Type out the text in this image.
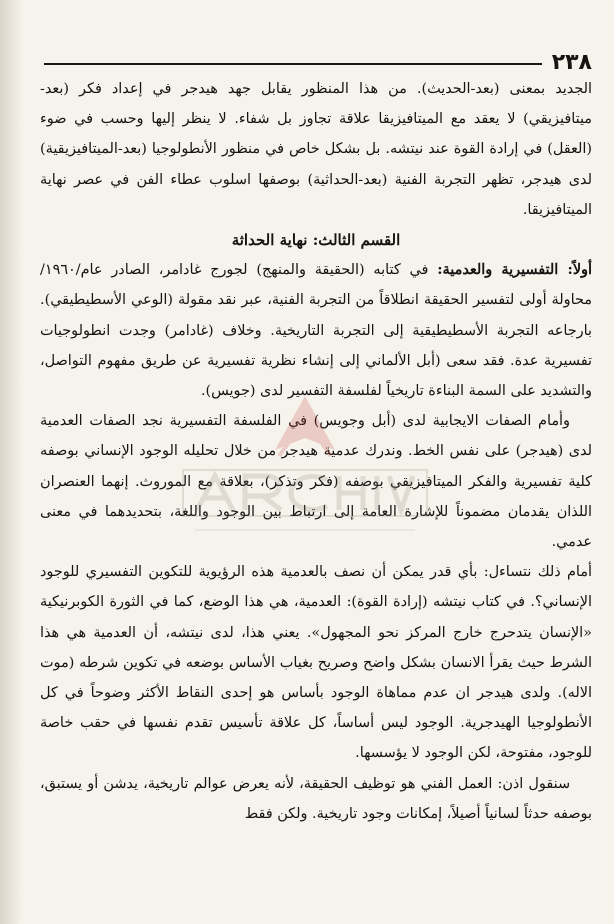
٢٣٨

الجديد بمعنى (بعد-الحديث). من هذا المنظور يقابل جهد هيدجر في إعداد فكر (بعد-ميتافيزيقي) لا يعقد مع الميتافيزيقا علاقة تجاوز بل شفاء. لا ينظر إليها وحسب في ضوء (العقل) في إرادة القوة عند نيتشه. بل بشكل خاص في منظور الأنطولوجيا (بعد-الميتافيزيقية) لدى هيدجر، تظهر التجربة الفنية (بعد-الحداثية) بوصفها اسلوب عطاء الفن في عصر نهاية الميتافيزيقا.

القسم الثالث: نهاية الحداثة

أولاً: التفسيرية والعدمية: في كتابه (الحقيقة والمنهج) لجورج غادامر، الصادر عام/١٩٦٠/ محاولة أولى لتفسير الحقيقة انطلاقاً من التجربة الفنية، عبر نقد مقولة (الوعي الأسطيطيقي). بارجاعه التجربة الأسطيطيقية إلى التجربة التاريخية. وخلاف (غادامر) وجدت انطولوجيات تفسيرية عدة. فقد سعى (أبل الألماني إلى إنشاء نظرية تفسيرية عن طريق مفهوم التواصل، والتشديد على السمة البناءة تاريخياً لفلسفة التفسير لدى (جويس).

وأمام الصفات الايجابية لدى (أبل وجويس) في الفلسفة التفسيرية نجد الصفات العدمية لدى (هيدجر) على نفس الخط. وندرك عدمية هيدجر من خلال تحليله الوجود الإنساني بوصفه كلية تفسيرية والفكر الميتافيزيقي بوصفه (فكر وتذكر)، بعلاقة مع الموروث. إنهما العنصران اللذان يقدمان مضموناً للإشارة العامة إلى ارتباط بين الوجود واللغة، بتحديدهما في معنى عدمي.

أمام ذلك نتساءل: بأي قدر يمكن أن نصف بالعدمية هذه الرؤيوية للتكوين التفسيري للوجود الإنساني؟. في كتاب نيتشه (إرادة القوة): العدمية، هي هذا الوضع، كما في الثورة الكوبرنيكية «الإنسان يتدحرج خارج المركز نحو المجهول». يعني هذا، لدى نيتشه، أن العدمية هي هذا الشرط حيث يقرأ الانسان بشكل واضح وصريح بغياب الأساس بوضعه في تكوين شرطه (موت الاله). ولدى هيدجر ان عدم مماهاة الوجود بأساس هو إحدى النقاط الأكثر وضوحاً في كل الأنطولوجيا الهيدجرية. الوجود ليس أساساً، كل علاقة تأسيس تقدم نفسها في حقب خاصة للوجود، مفتوحة، لكن الوجود لا يؤسسها.

سنقول اذن: العمل الفني هو توظيف الحقيقة، لأنه يعرض عوالم تاريخية، يدشن أو يستبق، بوصفه حدثاً لسانياً أصيلاً، إمكانات وجود تاريخية. ولكن فقط
